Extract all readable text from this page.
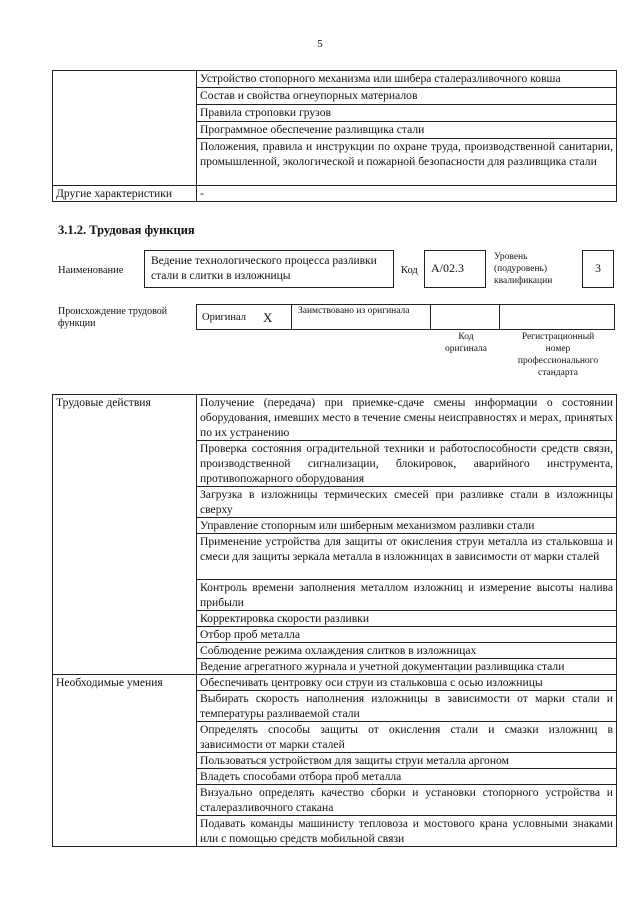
5
	Устройство стопорного механизма или шибера сталеразливочного ковша
	Состав и свойства огнеупорных материалов
	Правила строповки грузов
	Программное обеспечение разливщика стали
	Положения, правила и инструкции по охране труда, производственной санитарии, промышленной, экологической и пожарной безопасности для разливщика стали
Другие характеристики	-
3.1.2. Трудовая функция
Наименование
Ведение технологического процесса разливки стали в слитки в изложницы	Код	А/02.3
Уровень (подуровень) квалификации
3
Происхождение трудовой функции
Оригинал X	Заимствовано из оригинала
Код оригинала
Регистрационный номер профессионального стандарта
Трудовые действия	Получение (передача) при приемке-сдаче смены информации о состоянии оборудования, имевших место в течение смены неисправностях и мерах, принятых по их устранению
	Проверка состояния оградительной техники и работоспособности средств связи, производственной сигнализации, блокировок, аварийного инструмента, противопожарного оборудования
	Загрузка в изложницы термических смесей при разливке стали в изложницы сверху
	Управление стопорным или шиберным механизмом разливки стали
	Применение устройства для защиты от окисления струи металла из стальковша и смеси для защиты зеркала металла в изложницах в зависимости от марки сталей
	Контроль времени заполнения металлом изложниц и измерение высоты налива прибыли
	Корректировка скорости разливки
	Отбор проб металла
	Соблюдение режима охлаждения слитков в изложницах
	Ведение агрегатного журнала и учетной документации разливщика стали
Необходимые умения	Обеспечивать центровку оси струи из стальковша с осью изложницы
	Выбирать скорость наполнения изложницы в зависимости от марки стали и температуры разливаемой стали
	Определять способы защиты от окисления стали и смазки изложниц в зависимости от марки сталей
	Пользоваться устройством для защиты струи металла аргоном
	Владеть способами отбора проб металла
	Визуально определять качество сборки и установки стопорного устройства и сталеразливочного стакана
	Подавать команды машинисту тепловоза и мостового крана условными знаками или с помощью средств мобильной связи
